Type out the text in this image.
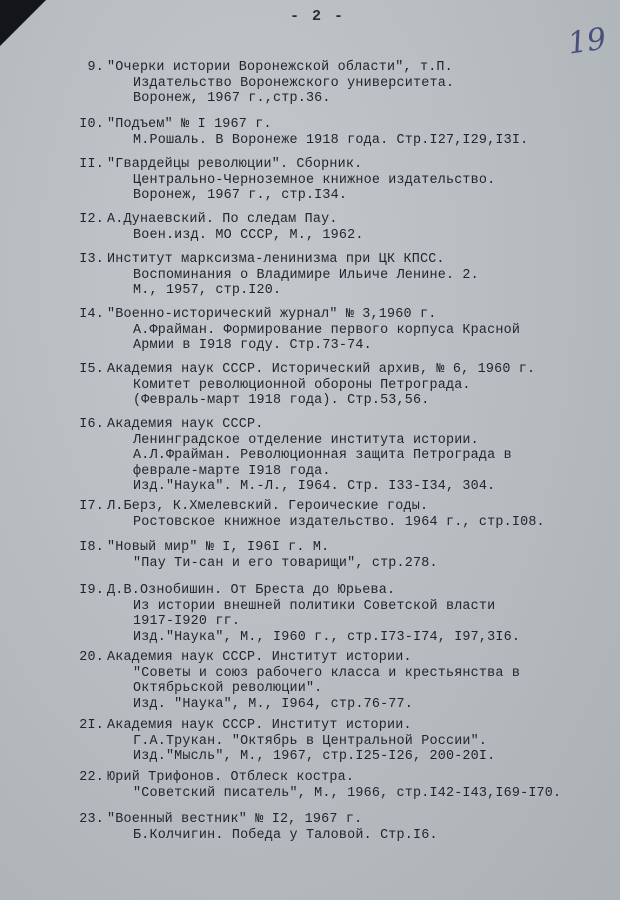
- 2 -
19
9. "Очерки истории Воронежской области", т.П.
Издательство Воронежского университета.
Воронеж, 1967 г.,стр.36.
I0. "Подъем" № I 1967 г.
М.Рошаль. В Воронеже 1918 года. Стр.I27,I29,I3I.
II. "Гвардейцы революции". Сборник.
Центрально-Черноземное книжное издательство.
Воронеж, 1967 г., стр.I34.
I2. А.Дунаевский. По следам Пау.
Воен.изд. МО СССР, М., 1962.
I3. Институт марксизма-ленинизма при ЦК КПСС.
Воспоминания о Владимире Ильиче Ленине. 2.
М., 1957, стр.I20.
I4. "Военно-исторический журнал" № 3,1960 г.
А.Фрайман. Формирование первого корпуса Красной
Армии в I918 году. Стр.73-74.
I5. Академия наук СССР. Исторический архив, № 6, 1960 г.
Комитет революционной обороны Петрограда.
(Февраль-март 1918 года). Стр.53,56.
I6. Академия наук СССР.
Ленинградское отделение института истории.
А.Л.Фрайман. Революционная защита Петрограда в
феврале-марте I918 года.
Изд."Наука". М.-Л., I964. Стр. I33-I34, 304.
I7. Л.Берз, К.Хмелевский. Героические годы.
Ростовское книжное издательство. 1964 г., стр.I08.
I8. "Новый мир" № I, I96I г. М.
"Пау Ти-сан и его товарищи", стр.278.
I9. Д.В.Ознобишин. От Бреста до Юрьева.
Из истории внешней политики Советской власти
1917-I920 гг.
Изд."Наука", М., I960 г., стр.I73-I74, I97,3I6.
20. Академия наук СССР. Институт истории.
"Советы и союз рабочего класса и крестьянства в
Октябрьской революции".
Изд. "Наука", М., I964, стр.76-77.
2I. Академия наук СССР. Институт истории.
Г.А.Трукан. "Октябрь в Центральной России".
Изд."Мысль", М., 1967, стр.I25-I26, 200-20I.
22. Юрий Трифонов. Отблеск костра.
"Советский писатель", М., 1966, стр.I42-I43,I69-I70.
23. "Военный вестник" № I2, 1967 г.
Б.Колчигин. Победа у Таловой. Стр.I6.
